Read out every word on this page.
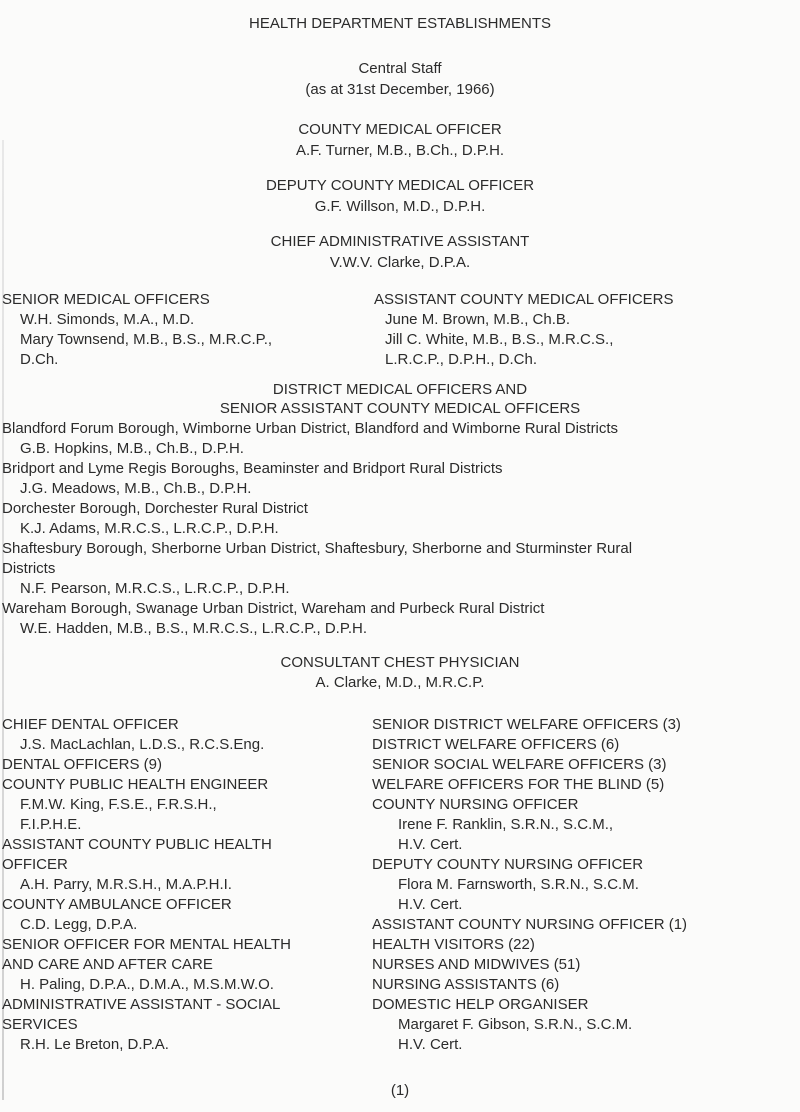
HEALTH DEPARTMENT ESTABLISHMENTS
Central Staff
(as at 31st December, 1966)
COUNTY MEDICAL OFFICER
A.F. Turner, M.B., B.Ch., D.P.H.
DEPUTY COUNTY MEDICAL OFFICER
G.F. Willson, M.D., D.P.H.
CHIEF ADMINISTRATIVE ASSISTANT
V.W.V. Clarke, D.P.A.
SENIOR MEDICAL OFFICERS
W.H. Simonds, M.A., M.D.
Mary Townsend, M.B., B.S., M.R.C.P.,
D.Ch.
ASSISTANT COUNTY MEDICAL OFFICERS
June M. Brown, M.B., Ch.B.
Jill C. White, M.B., B.S., M.R.C.S.,
L.R.C.P., D.P.H., D.Ch.
DISTRICT MEDICAL OFFICERS AND
SENIOR ASSISTANT COUNTY MEDICAL OFFICERS
Blandford Forum Borough, Wimborne Urban District, Blandford and Wimborne Rural Districts
G.B. Hopkins, M.B., Ch.B., D.P.H.
Bridport and Lyme Regis Boroughs, Beaminster and Bridport Rural Districts
J.G. Meadows, M.B., Ch.B., D.P.H.
Dorchester Borough, Dorchester Rural District
K.J. Adams, M.R.C.S., L.R.C.P., D.P.H.
Shaftesbury Borough, Sherborne Urban District, Shaftesbury, Sherborne and Sturminster Rural
Districts
N.F. Pearson, M.R.C.S., L.R.C.P., D.P.H.
Wareham Borough, Swanage Urban District, Wareham and Purbeck Rural District
W.E. Hadden, M.B., B.S., M.R.C.S., L.R.C.P., D.P.H.
CONSULTANT CHEST PHYSICIAN
A. Clarke, M.D., M.R.C.P.
CHIEF DENTAL OFFICER
J.S. MacLachlan, L.D.S., R.C.S.Eng.
DENTAL OFFICERS (9)
COUNTY PUBLIC HEALTH ENGINEER
F.M.W. King, F.S.E., F.R.S.H.,
F.I.P.H.E.
ASSISTANT COUNTY PUBLIC HEALTH
OFFICER
A.H. Parry, M.R.S.H., M.A.P.H.I.
COUNTY AMBULANCE OFFICER
C.D. Legg, D.P.A.
SENIOR OFFICER FOR MENTAL HEALTH
AND CARE AND AFTER CARE
H. Paling, D.P.A., D.M.A., M.S.M.W.O.
ADMINISTRATIVE ASSISTANT - SOCIAL
SERVICES
R.H. Le Breton, D.P.A.
SENIOR DISTRICT WELFARE OFFICERS (3)
DISTRICT WELFARE OFFICERS (6)
SENIOR SOCIAL WELFARE OFFICERS (3)
WELFARE OFFICERS FOR THE BLIND (5)
COUNTY NURSING OFFICER
Irene F. Ranklin, S.R.N., S.C.M.,
H.V. Cert.
DEPUTY COUNTY NURSING OFFICER
Flora M. Farnsworth, S.R.N., S.C.M.
H.V. Cert.
ASSISTANT COUNTY NURSING OFFICER (1)
HEALTH VISITORS (22)
NURSES AND MIDWIVES (51)
NURSING ASSISTANTS (6)
DOMESTIC HELP ORGANISER
Margaret F. Gibson, S.R.N., S.C.M.
H.V. Cert.
(1)
